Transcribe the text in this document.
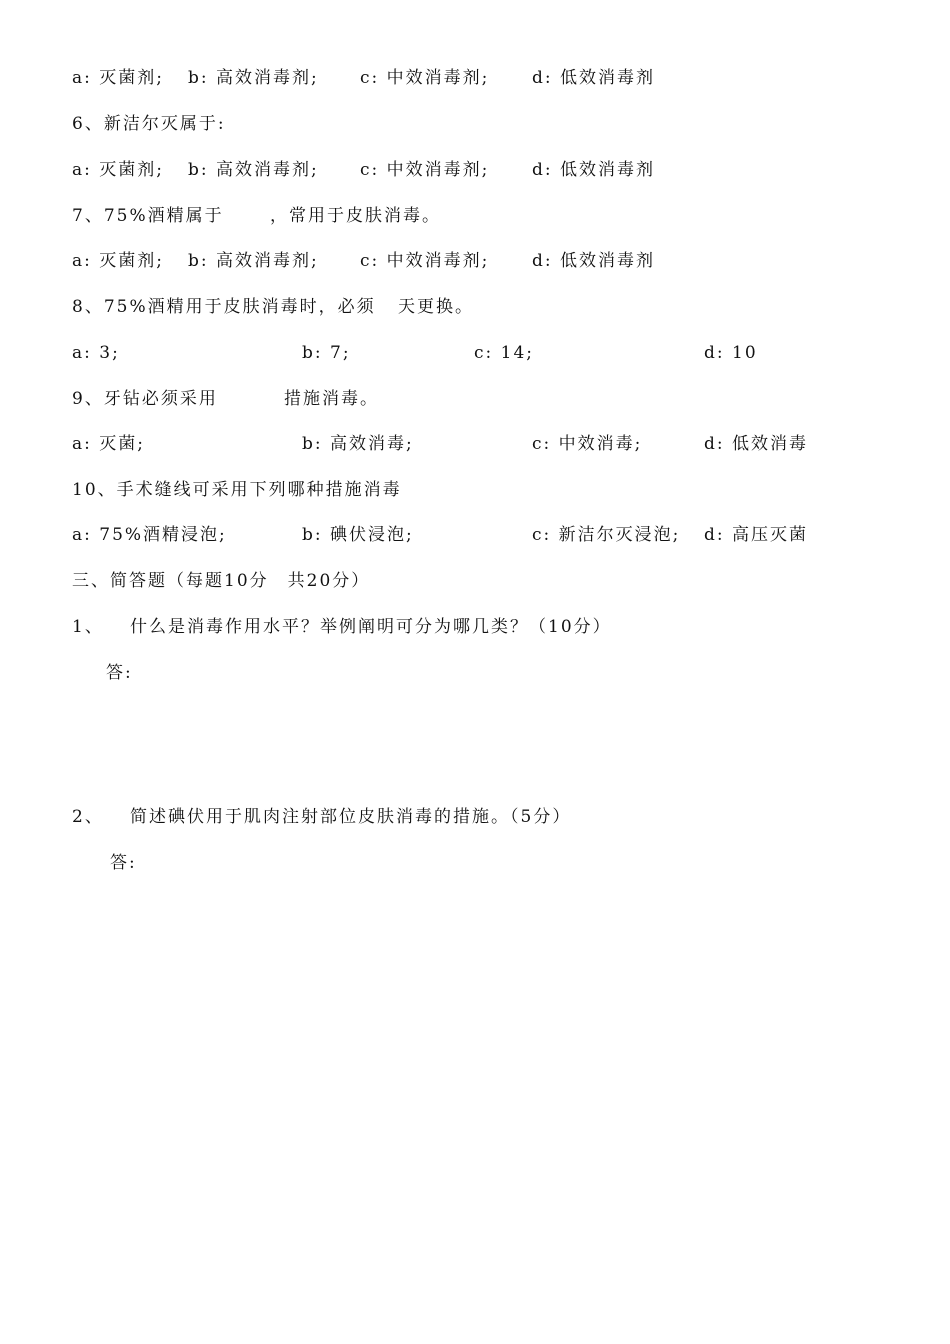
a: 灭菌剂;

b: 高效消毒剂;

c: 中效消毒剂;

	d: 低效消毒剂

6、新洁尔灭属于:

a: 灭菌剂;

b: 高效消毒剂;

c: 中效消毒剂;

	d: 低效消毒剂

7、75%酒精属于

	，常用于皮肤消毒。

a: 灭菌剂;

b: 高效消毒剂;

c: 中效消毒剂;

	d: 低效消毒剂

8、75%酒精用于皮肤消毒时，必须

天更换。

a: 3;

	b: 7;

	c: 14;

	d: 10

9、牙钻必须采用

	措施消毒。

a: 灭菌;

	b: 高效消毒;

	c: 中效消毒;

	d: 低效消毒

10、手术缝线可采用下列哪种措施消毒

a: 75%酒精浸泡;

	b: 碘伏浸泡;

	c: 新洁尔灭浸泡;

d: 高压灭菌

三、简答题（每题10分　共20分）

1、

什么是消毒作用水平？举例阐明可分为哪几类？（10分）

答:

2、

简述碘伏用于肌肉注射部位皮肤消毒的措施。（5分）

答:
